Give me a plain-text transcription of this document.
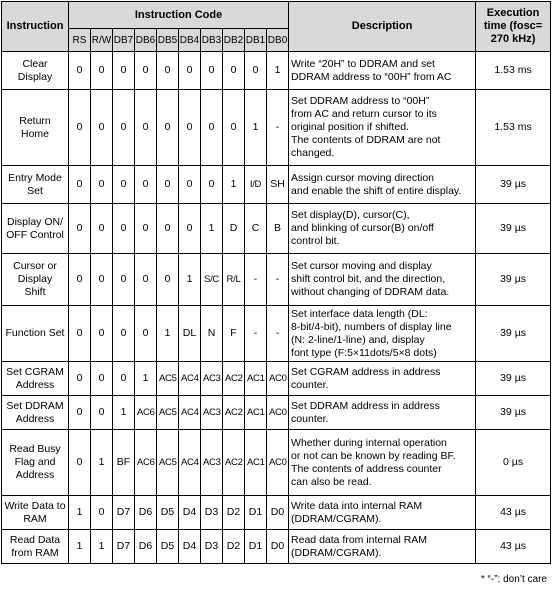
Instruction	Instruction Code										Description	Execution
time (fosc=
270 kHz)
	RS	R/W	DB7	DB6	DB5	DB4	DB3	DB2	DB1	DB0		
Clear
Display	0	0	0	0	0	0	0	0	0	1	Write “20H” to DDRAM and set
DDRAM address to “00H” from AC	1.53 ms
Return
Home	0	0	0	0	0	0	0	0	1	-	Set DDRAM address to “00H”
from AC and return cursor to its
original position if shifted.
The contents of DDRAM are not
changed.	1.53 ms
Entry Mode
Set	0	0	0	0	0	0	0	1	I/D	SH	Assign cursor moving direction
and enable the shift of entire display.	39 µs
Display ON/
OFF Control	0	0	0	0	0	0	1	D	C	B	Set display(D), cursor(C),
and blinking of cursor(B) on/off
control bit.	39 µs
Cursor or
Display
Shift	0	0	0	0	0	1	S/C	R/L	-	-	Set cursor moving and display
shift control bit, and the direction,
without changing of DDRAM data.	39 µs
Function Set	0	0	0	0	1	DL	N	F	-	-	Set interface data length (DL:
8-bit/4-bit), numbers of display line
(N: 2-line/1-line) and, display
font type (F:5×11dots/5×8 dots)	39 µs
Set CGRAM
Address	0	0	0	1	AC5	AC4	AC3	AC2	AC1	AC0	Set CGRAM address in address
counter.	39 µs
Set DDRAM
Address	0	0	1	AC6	AC5	AC4	AC3	AC2	AC1	AC0	Set DDRAM address in address
counter.	39 µs
Read Busy
Flag and
Address	0	1	BF	AC6	AC5	AC4	AC3	AC2	AC1	AC0	Whether during internal operation
or not can be known by reading BF.
The contents of address counter
can also be read.	0 µs
Write Data to
RAM	1	0	D7	D6	D5	D4	D3	D2	D1	D0	Write data into internal RAM
(DDRAM/CGRAM).	43 µs
Read Data
from RAM	1	1	D7	D6	D5	D4	D3	D2	D1	D0	Read data from internal RAM
(DDRAM/CGRAM).	43 µs
* “-”: don’t care
